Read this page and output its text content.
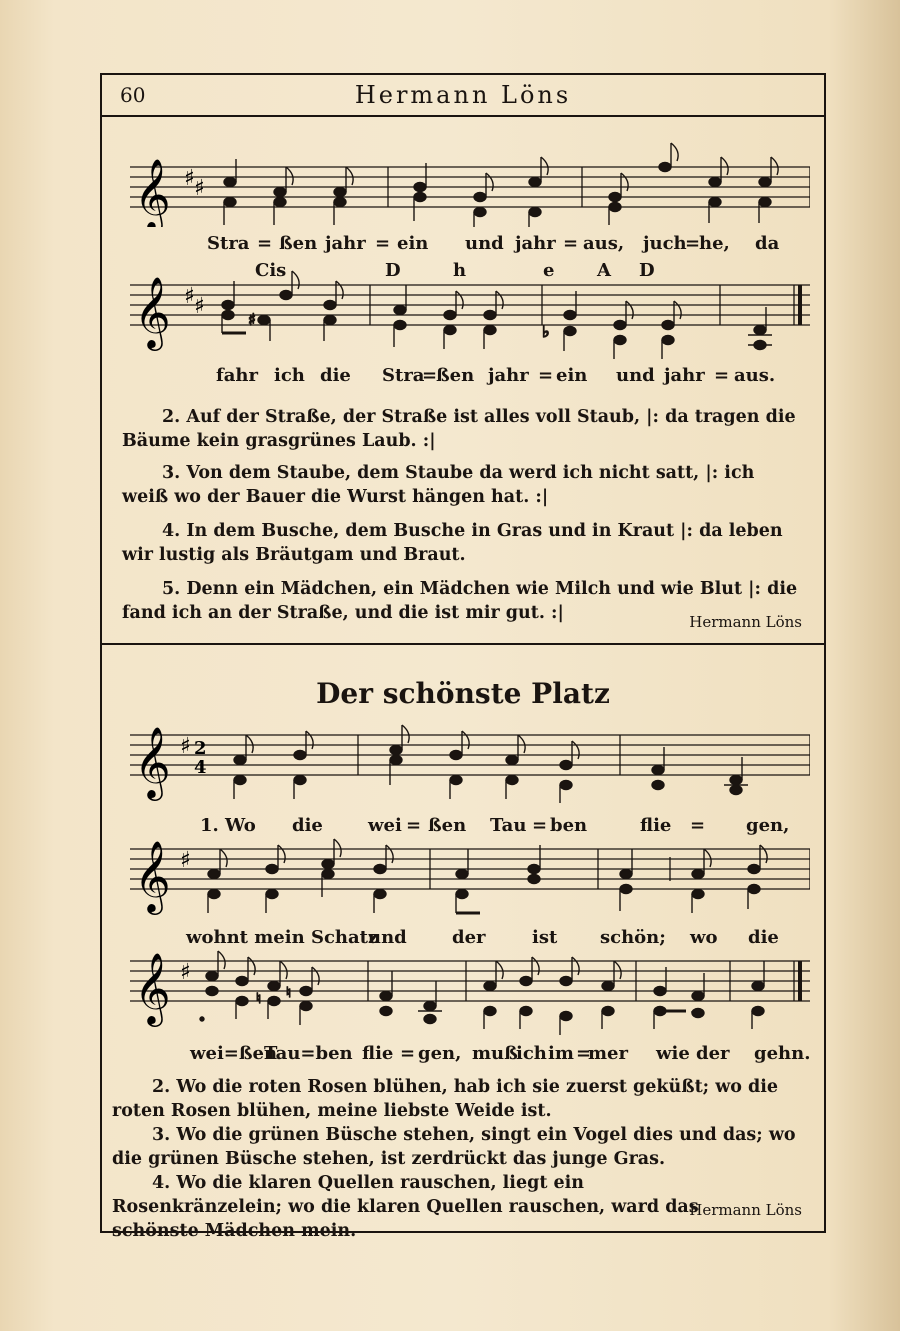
60	Hermann Löns
𝄞 ♯ ♯
Stra = ßen jahr = ein und jahr = aus, juch
=
he, da
Cis	D	h	e A D
𝄞 ♯ ♯
♯
♭
fahr ich die Stra
=
ßen jahr = ein und jahr = aus.
2. Auf der Straße, der Straße ist alles voll Staub, |: da tragen die Bäume kein grasgrünes Laub. :|
3. Von dem Staube, dem Staube da werd ich nicht satt, |: ich weiß wo der Bauer die Wurst hängen hat. :|
4. In dem Busche, dem Busche in Gras und in Kraut |: da leben wir lustig als Bräutgam und Braut.
5. Denn ein Mädchen, ein Mädchen wie Milch und wie Blut |: die fand ich an der Straße, und die ist mir gut. :|	Hermann Löns
Der schönste Platz
𝄞 ♯ 2
4
1. Wo die	wei = ßen Tau = ben	flie = gen,
𝄞 ♯
wohnt mein Schatz
und	der	ist schön; wo die
𝄞 ♯
♮ ♮
wei=ßen
Tau=ben flie = gen, muß
ich im =
mer wie der gehn.
2. Wo die roten Rosen blühen, hab ich sie zuerst geküßt; wo die roten Rosen blühen, meine liebste Weide ist.
3. Wo die grünen Büsche stehen, singt ein Vogel dies und das; wo die grünen Büsche stehen, ist zerdrückt das junge Gras.
4. Wo die klaren Quellen rauschen, liegt ein Rosenkränzelein; wo die klaren Quellen rauschen, ward das schönste Mädchen mein.
Hermann Löns
